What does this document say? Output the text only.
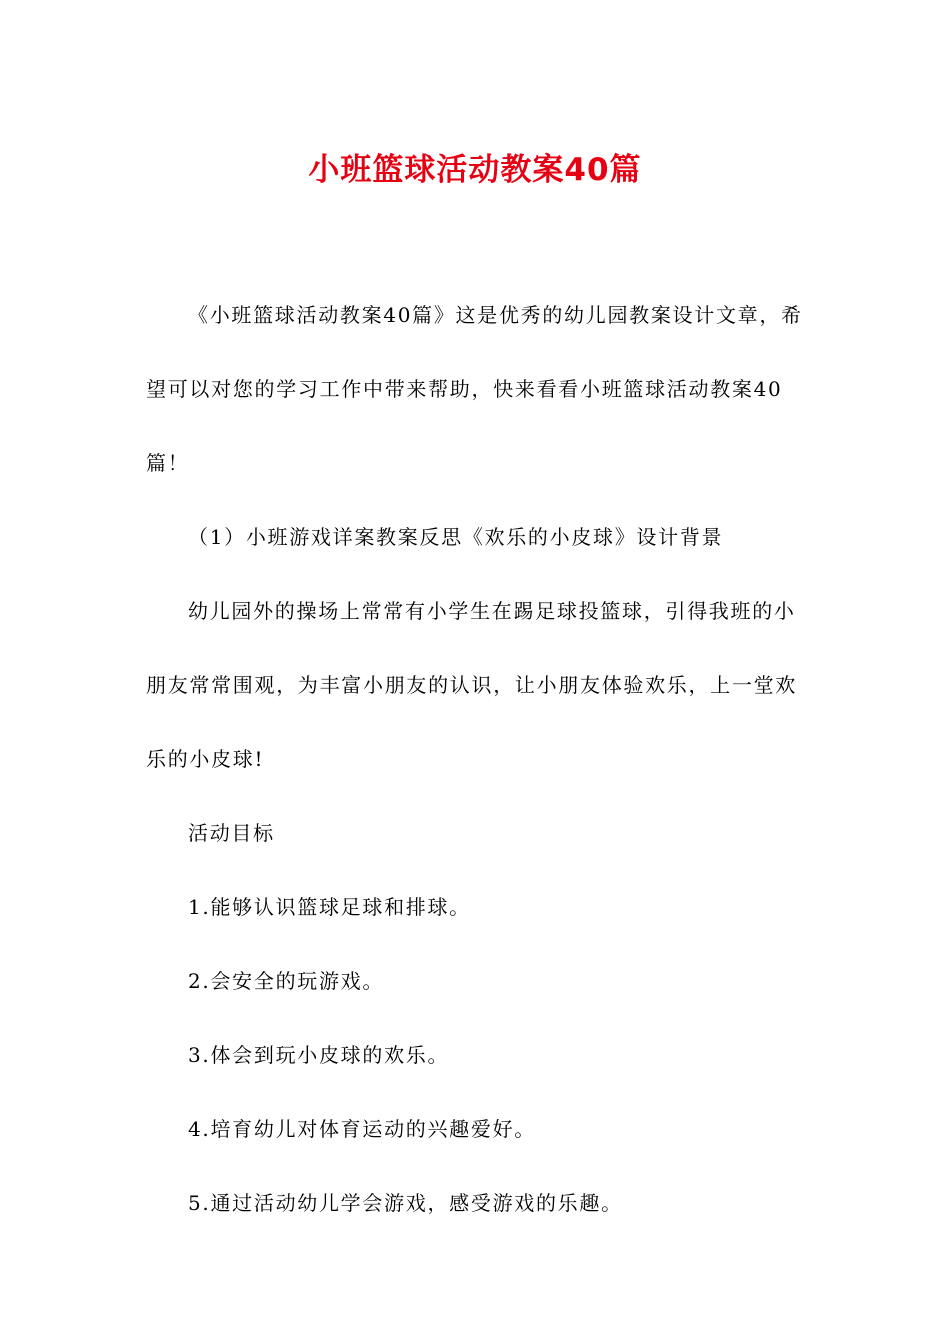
小班篮球活动教案40篇

《小班篮球活动教案40篇》这是优秀的幼儿园教案设计文章，希望可以对您的学习工作中带来帮助，快来看看小班篮球活动教案40篇！

（1）小班游戏详案教案反思《欢乐的小皮球》设计背景

幼儿园外的操场上常常有小学生在踢足球投篮球，引得我班的小朋友常常围观，为丰富小朋友的认识，让小朋友体验欢乐，上一堂欢乐的小皮球!

活动目标

1.能够认识篮球足球和排球。

2.会安全的玩游戏。

3.体会到玩小皮球的欢乐。

4.培育幼儿对体育运动的兴趣爱好。

5.通过活动幼儿学会游戏，感受游戏的乐趣。
